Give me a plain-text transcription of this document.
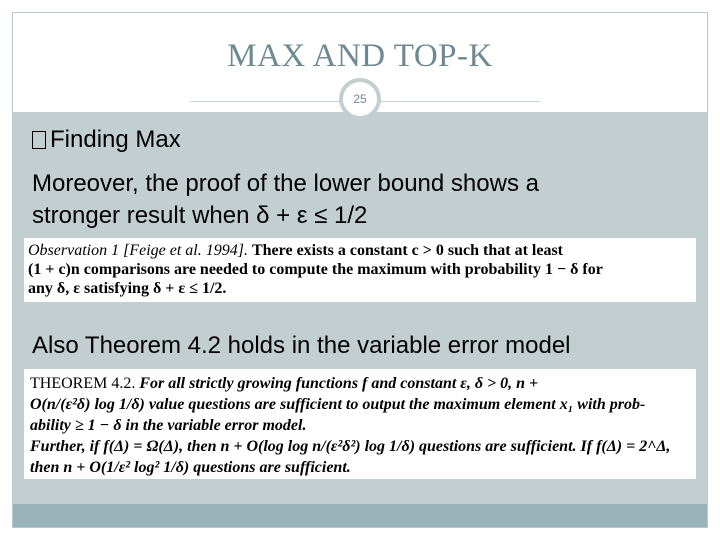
MAX AND TOP-K
25
Finding Max
Moreover, the proof of the lower bound shows a
stronger result when δ + ε ≤ 1/2
Observation 1 [Feige et al. 1994]. There exists a constant c > 0 such that at least
(1 + c)n comparisons are needed to compute the maximum with probability 1 − δ for
any δ, ε satisfying δ + ε ≤ 1/2.
Also Theorem 4.2 holds in the variable error model
THEOREM 4.2. For all strictly growing functions f and constant ε, δ > 0, n +
O(n/(ε²δ) log 1/δ) value questions are sufficient to output the maximum element x₁ with prob-
ability ≥ 1 − δ in the variable error model.
Further, if f(Δ) = Ω(Δ), then n + O(log log n/(ε²δ²) log 1/δ) questions are sufficient. If f(Δ) = 2^Δ,
then n + O(1/ε² log² 1/δ) questions are sufficient.
